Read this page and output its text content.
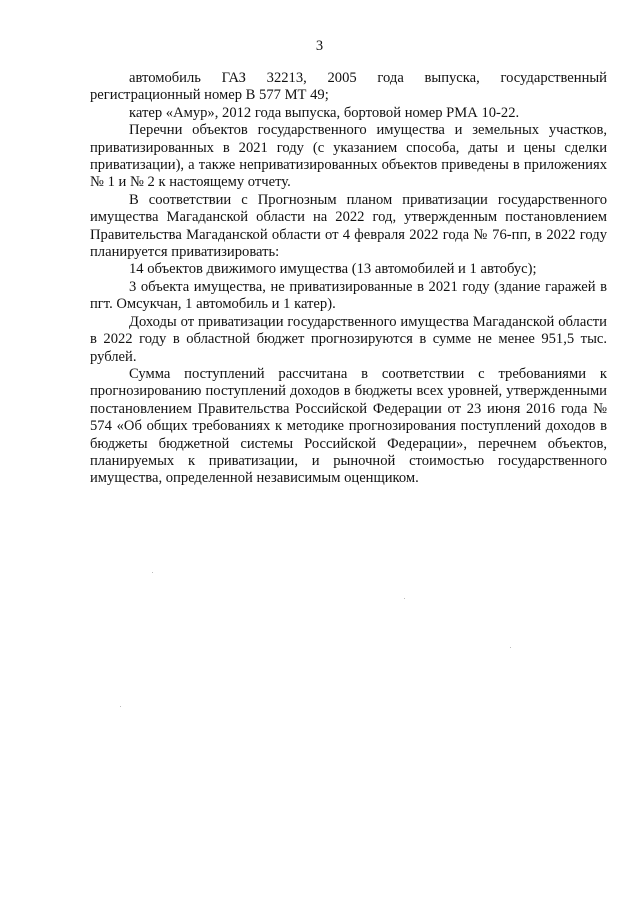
3

автомобиль ГАЗ 32213, 2005 года выпуска, государственный регистрационный номер В 577 МТ 49;

катер «Амур», 2012 года выпуска, бортовой номер РМА 10-22.

Перечни объектов государственного имущества и земельных участков, приватизированных в 2021 году (с указанием способа, даты и цены сделки приватизации), а также неприватизированных объектов приведены в приложениях № 1 и № 2 к настоящему отчету.

В соответствии с Прогнозным планом приватизации государственного имущества Магаданской области на 2022 год, утвержденным постановлением Правительства Магаданской области от 4 февраля 2022 года № 76-пп, в 2022 году планируется приватизировать:

14 объектов движимого имущества (13 автомобилей и 1 автобус);

3 объекта имущества, не приватизированные в 2021 году (здание гаражей в пгт. Омсукчан, 1 автомобиль и 1 катер).

Доходы от приватизации государственного имущества Магаданской области в 2022 году в областной бюджет прогнозируются в сумме не менее 951,5 тыс. рублей.

Сумма поступлений рассчитана в соответствии с требованиями к прогнозированию поступлений доходов в бюджеты всех уровней, утвержденными постановлением Правительства Российской Федерации от 23 июня 2016 года № 574 «Об общих требованиях к методике прогнозирования поступлений доходов в бюджеты бюджетной системы Российской Федерации», перечнем объектов, планируемых к приватизации, и рыночной стоимостью государственного имущества, определенной независимым оценщиком.
